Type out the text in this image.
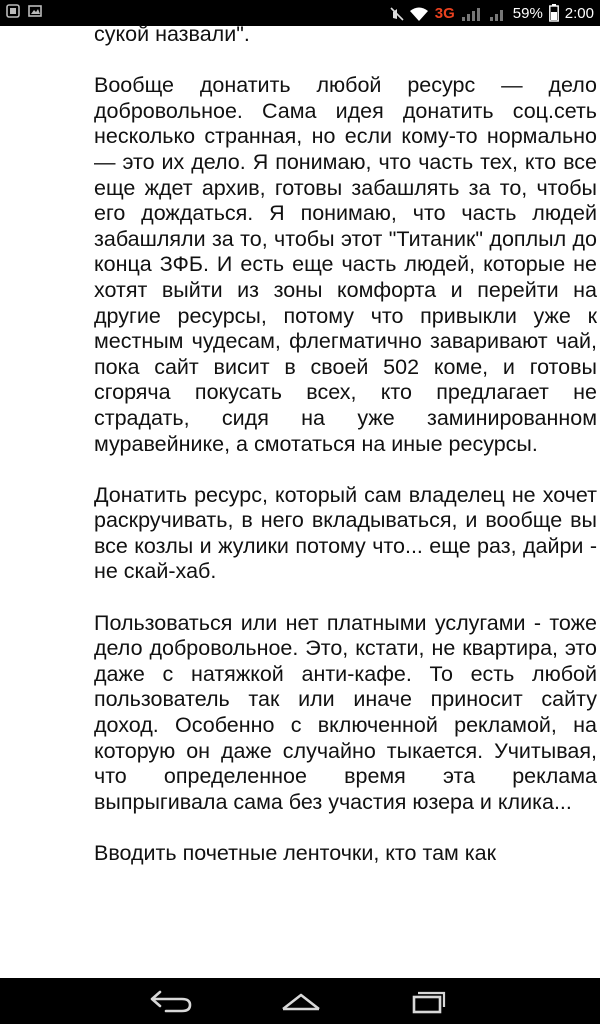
3G	59% 2:00

сукой назвали".

Вообще донатить любой ресурс — дело добровольное. Сама идея донатить соц.сеть несколько странная, но если кому-то нормально — это их дело. Я понимаю, что часть тех, кто все еще ждет архив, готовы забашлять за то, чтобы его дождаться. Я понимаю, что часть людей забашляли за то, чтобы этот "Титаник" доплыл до конца ЗФБ. И есть еще часть людей, которые не хотят выйти из зоны комфорта и перейти на другие ресурсы, потому что привыкли уже к местным чудесам, флегматично заваривают чай, пока сайт висит в своей 502 коме, и готовы сгоряча покусать всех, кто предлагает не страдать, сидя на уже заминированном муравейнике, а смотаться на иные ресурсы.

Донатить ресурс, который сам владелец не хочет раскручивать, в него вкладываться, и вообще вы все козлы и жулики потому что... еще раз, дайри - не скай-хаб.

Пользоваться или нет платными услугами - тоже дело добровольное. Это, кстати, не квартира, это даже с натяжкой анти-кафе. То есть любой пользователь так или иначе приносит сайту доход. Особенно с включенной рекламой, на которую он даже случайно тыкается. Учитывая, что определенное время эта реклама выпрыгивала сама без участия юзера и клика...

Вводить почетные ленточки, кто там как
